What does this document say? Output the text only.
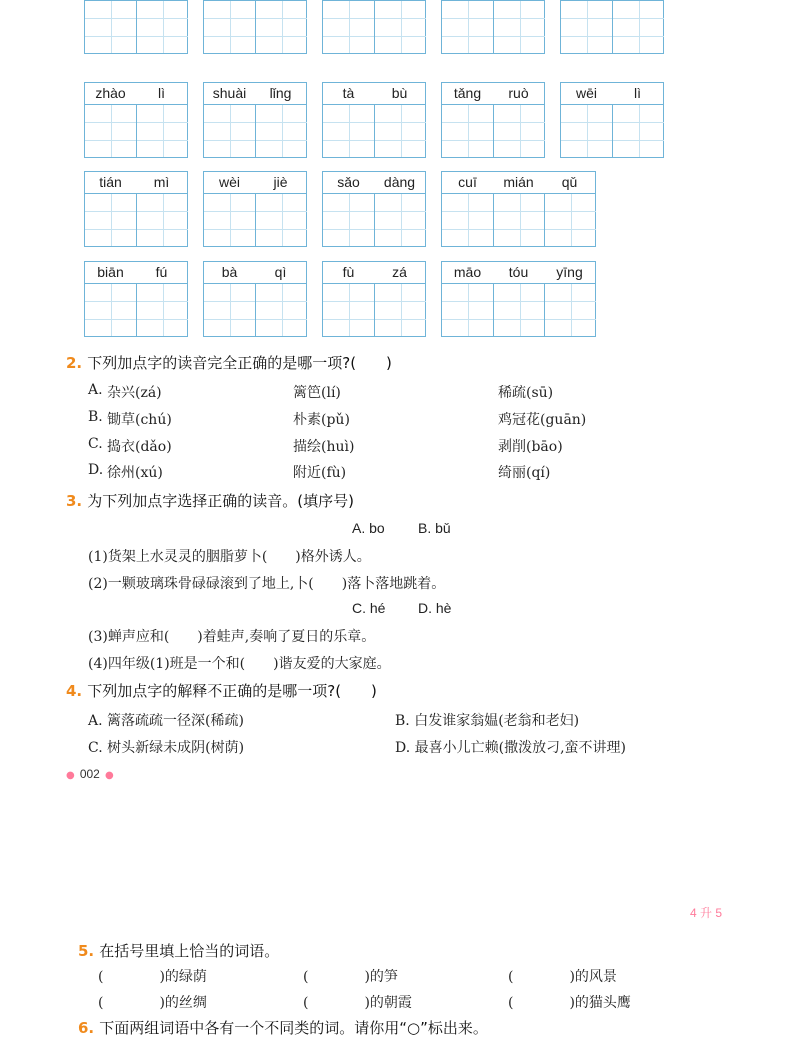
zhào	lì	shuài	lǐng	tà	bù	tǎng	ruò	wēi	lì
tián	mì	wèi	jiè	sǎo	dàng	cuī	mián	qǔ
biān	fú	bà	qì	fù	zá	māo	tóu	yīng
2. 下列加点字的读音完全正确的是哪一项?(　　)
A. 杂兴(zá)	篱笆(lí)	稀疏(sū)
B. 锄草(chú)	朴素(pǔ)	鸡冠花(guān)
C. 捣衣(dǎo)	描绘(huì)	剥削(bāo)
D. 徐州(xú)	附近(fù)	绮丽(qí)
3. 为下列加点字选择正确的读音。(填序号)
A. bo B. bǔ
(1)货架上水灵灵的胭脂萝卜(　　)格外诱人。
(2)一颗玻璃珠骨碌碌滚到了地上,卜(　　)落卜落地跳着。
C. hé D. hè
(3)蝉声应和(　　)着蛙声,奏响了夏日的乐章。
(4)四年级(1)班是一个和(　　)谐友爱的大家庭。
4. 下列加点字的解释不正确的是哪一项?(　　)
A. 篱落疏疏一径深(稀疏)	B. 白发谁家翁媪(老翁和老妇)
C. 树头新绿未成阴(树荫)	D. 最喜小儿亡赖(撒泼放刁,蛮不讲理)
● 002 ●
4 升 5
5. 在括号里填上恰当的词语。
(　　　　)的绿荫	(　　　　)的笋	(　　　　)的风景
(　　　　)的丝绸	(　　　　)的朝霞	(　　　　)的猫头鹰
6. 下面两组词语中各有一个不同类的词。请你用“○”标出来。
